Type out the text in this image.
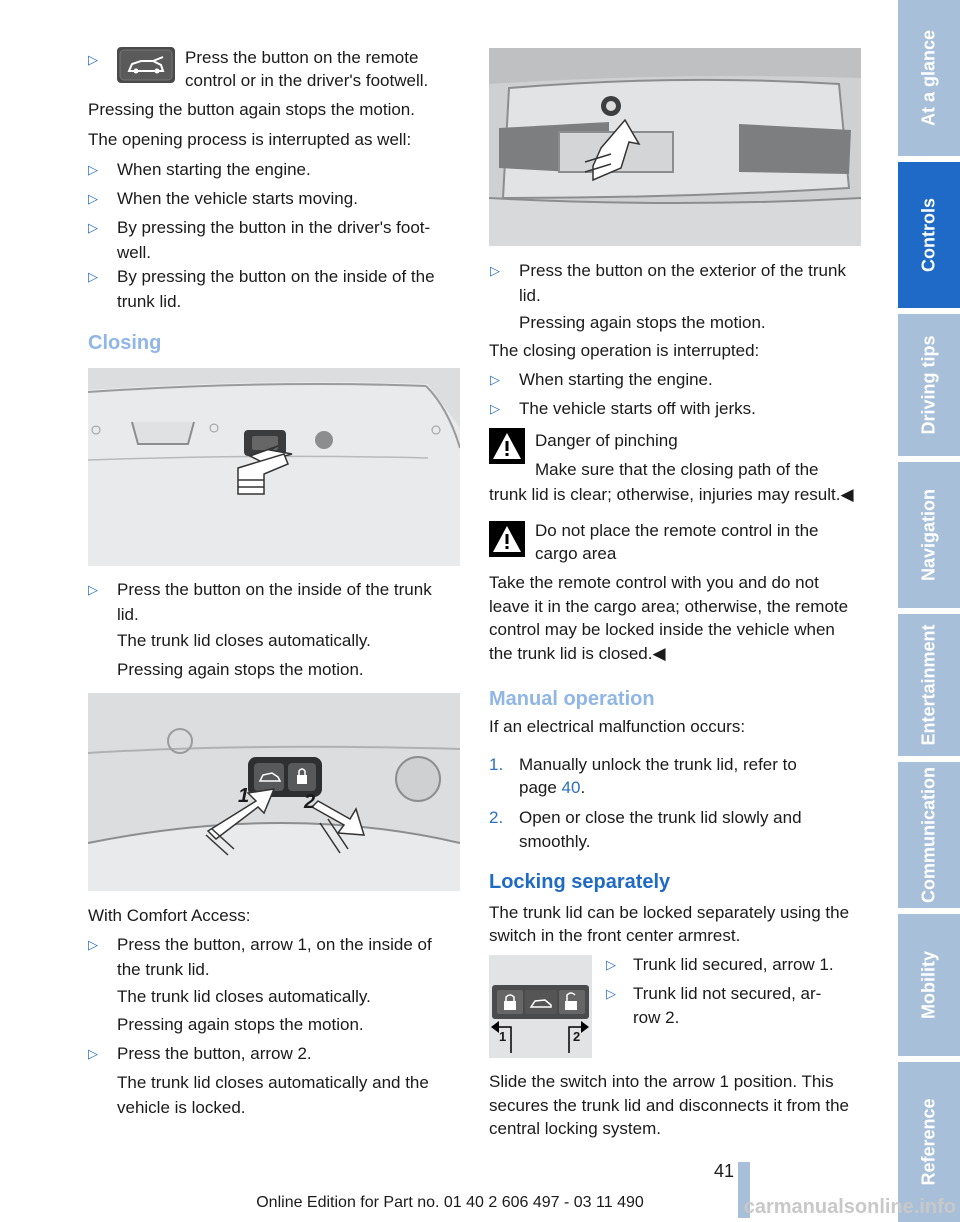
▷	Press the button on the remote

control or in the driver's footwell.

Pressing the button again stops the motion.

The opening process is interrupted as well:

▷ When starting the engine.

▷ When the vehicle starts moving.

▷ By pressing the button in the driver's foot-

well.

▷ By pressing the button on the inside of the

trunk lid.

Closing
▷ Press the button on the inside of the trunk

lid.

The trunk lid closes automatically.

Pressing again stops the motion.

1	2

With Comfort Access:

▷ Press the button, arrow 1, on the inside of

the trunk lid.

The trunk lid closes automatically.

Pressing again stops the motion.

▷ Press the button, arrow 2.

The trunk lid closes automatically and the

vehicle is locked.

▷ Press the button on the exterior of the trunk

lid.

Pressing again stops the motion.

The closing operation is interrupted:

▷ When starting the engine.

▷ The vehicle starts off with jerks.

Danger of pinching

Make sure that the closing path of the

trunk lid is clear; otherwise, injuries may result.◀

Do not place the remote control in the

cargo area

Take the remote control with you and do not

leave it in the cargo area; otherwise, the remote

control may be locked inside the vehicle when

the trunk lid is closed.◀

Manual operation

If an electrical malfunction occurs:

1. Manually unlock the trunk lid, refer to

page 40.

2. Open or close the trunk lid slowly and

smoothly.

Locking separately

The trunk lid can be locked separately using the

switch in the front center armrest.

1	2
▷ Trunk lid secured, arrow 1.

▷ Trunk lid not secured, ar-

row 2.

Slide the switch into the arrow 1 position. This

secures the trunk lid and disconnects it from the

central locking system.

At a glance
Controls
Driving tips
Navigation
Entertainment
Communication
Mobility
Reference
41
Online Edition for Part no. 01 40 2 606 497 - 03 11 490	carmanualsonline.info
